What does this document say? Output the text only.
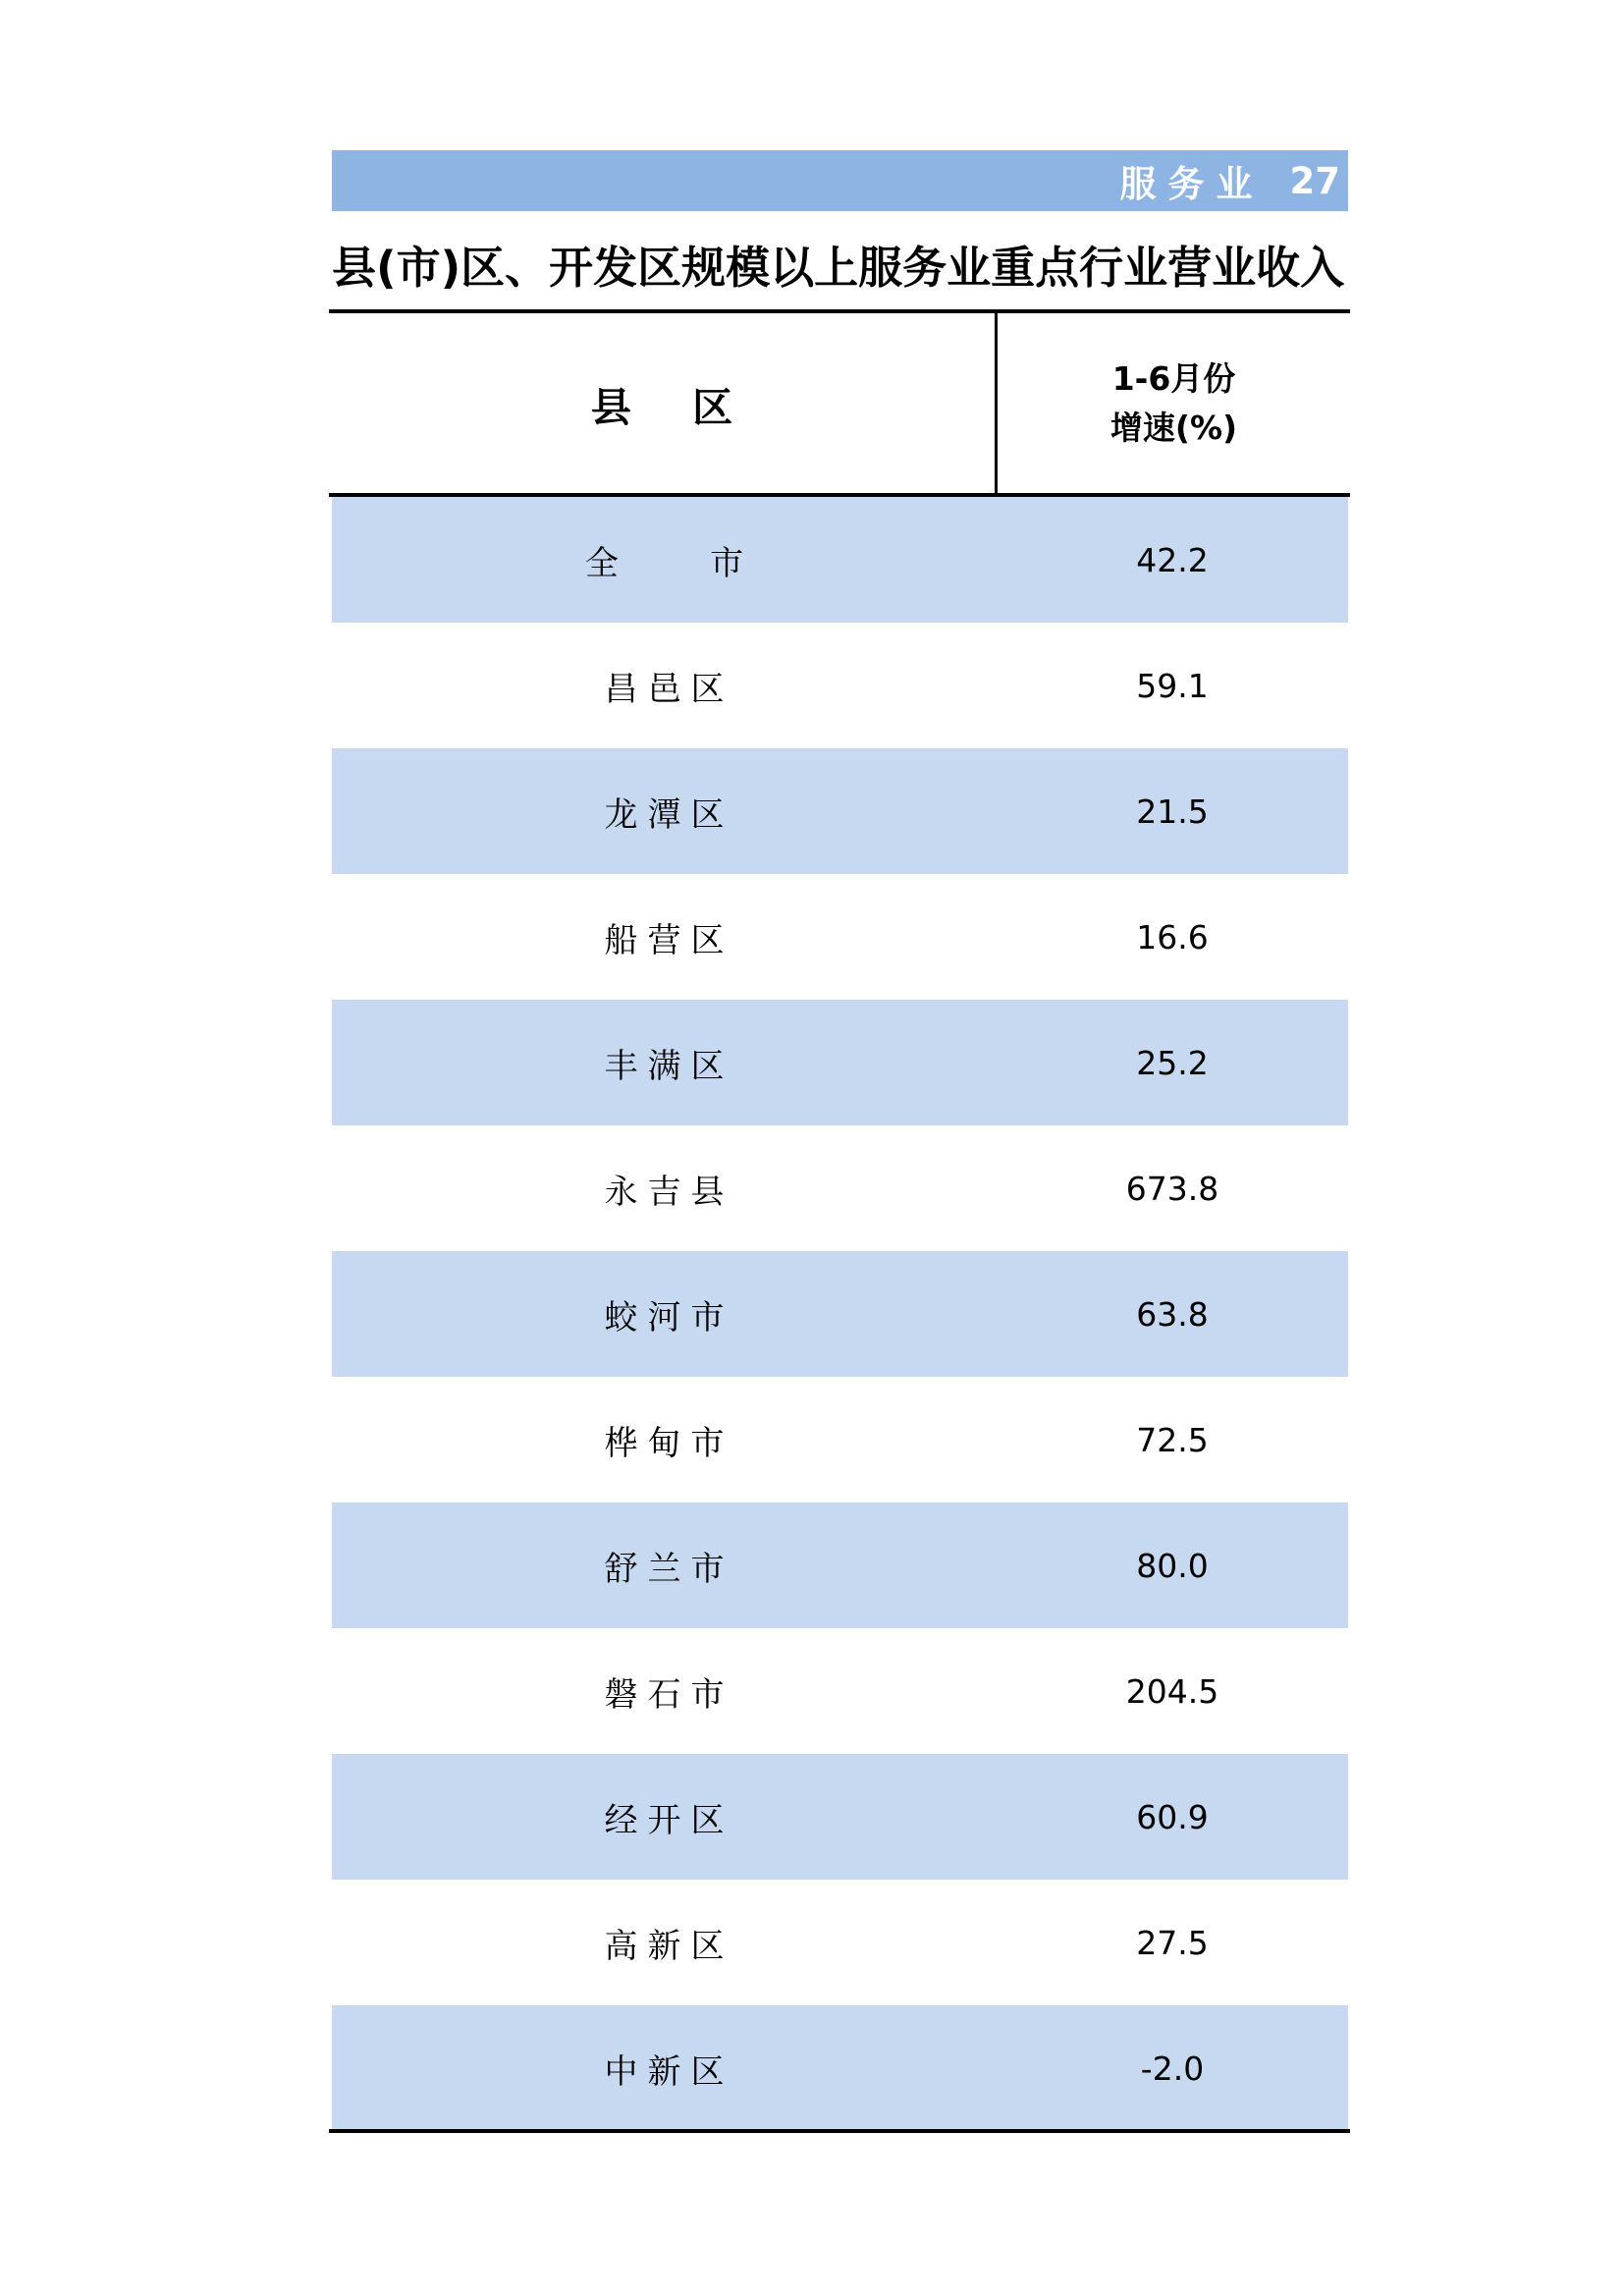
服务业 27
县(市)区、开发区规模以上服务业重点行业营业收入
县 区
1-6月份
增速(%)
全    市	42.2
昌邑区	59.1
龙潭区	21.5
船营区	16.6
丰满区	25.2
永吉县	673.8
蛟河市	63.8
桦甸市	72.5
舒兰市	80.0
磐石市	204.5
经开区	60.9
高新区	27.5
中新区	-2.0
